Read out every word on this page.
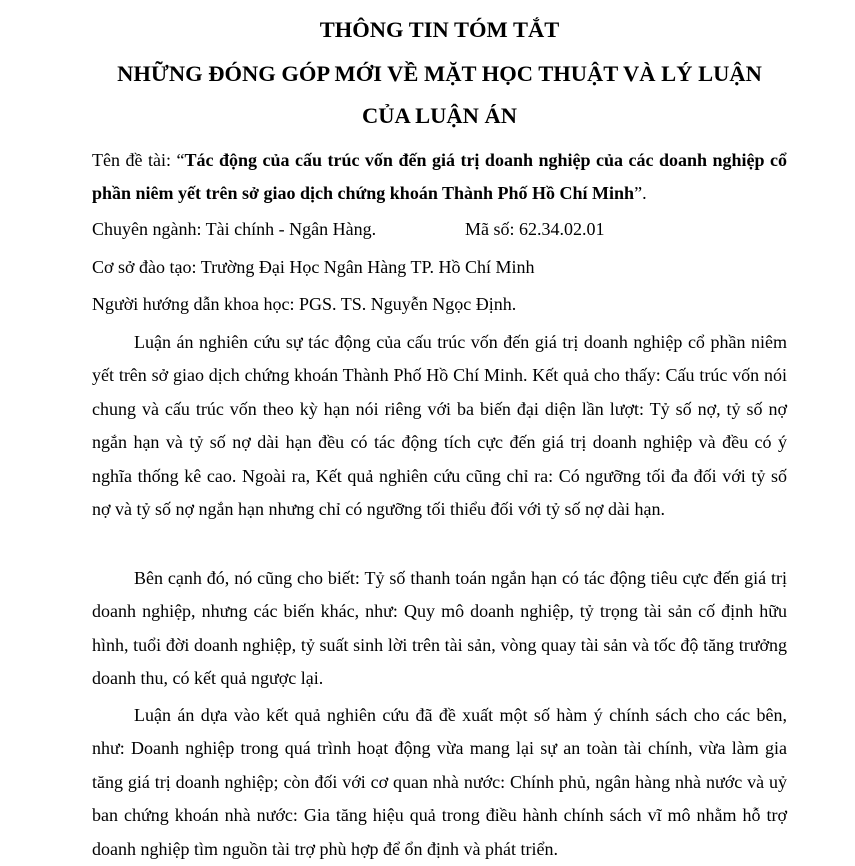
THÔNG TIN TÓM TẮT
NHỮNG ĐÓNG GÓP MỚI VỀ MẶT HỌC THUẬT VÀ LÝ LUẬN
CỦA LUẬN ÁN

Tên đề tài: “Tác động của cấu trúc vốn đến giá trị doanh nghiệp của các doanh nghiệp cổ phần niêm yết trên sở giao dịch chứng khoán Thành Phố Hồ Chí Minh”.

Chuyên ngành: Tài chính - Ngân Hàng.	Mã số: 62.34.02.01

Cơ sở đào tạo: Trường Đại Học Ngân Hàng TP. Hồ Chí Minh

Người hướng dẫn khoa học: PGS. TS. Nguyễn Ngọc Định.

Luận án nghiên cứu sự tác động của cấu trúc vốn đến giá trị doanh nghiệp cổ phần niêm yết trên sở giao dịch chứng khoán Thành Phố Hồ Chí Minh. Kết quả cho thấy: Cấu trúc vốn nói chung và cấu trúc vốn theo kỳ hạn nói riêng với ba biến đại diện lần lượt: Tỷ số nợ, tỷ số nợ ngắn hạn và tỷ số nợ dài hạn đều có tác động tích cực đến giá trị doanh nghiệp và đều có ý nghĩa thống kê cao. Ngoài ra, Kết quả nghiên cứu cũng chỉ ra: Có ngưỡng tối đa đối với tỷ số nợ và tỷ số nợ ngắn hạn nhưng chỉ có ngưỡng tối thiểu đối với tỷ số nợ dài hạn.

Bên cạnh đó, nó cũng cho biết: Tỷ số thanh toán ngắn hạn có tác động tiêu cực đến giá trị doanh nghiệp, nhưng các biến khác, như: Quy mô doanh nghiệp, tỷ trọng tài sản cố định hữu hình, tuổi đời doanh nghiệp, tỷ suất sinh lời trên tài sản, vòng quay tài sản và tốc độ tăng trưởng doanh thu, có kết quả ngược lại.

Luận án dựa vào kết quả nghiên cứu đã đề xuất một số hàm ý chính sách cho các bên, như: Doanh nghiệp trong quá trình hoạt động vừa mang lại sự an toàn tài chính, vừa làm gia tăng giá trị doanh nghiệp; còn đối với cơ quan nhà nước: Chính phủ, ngân hàng nhà nước và uỷ ban chứng khoán nhà nước: Gia tăng hiệu quả trong điều hành chính sách vĩ mô nhằm hỗ trợ doanh nghiệp tìm nguồn tài trợ phù hợp để ổn định và phát triển.
